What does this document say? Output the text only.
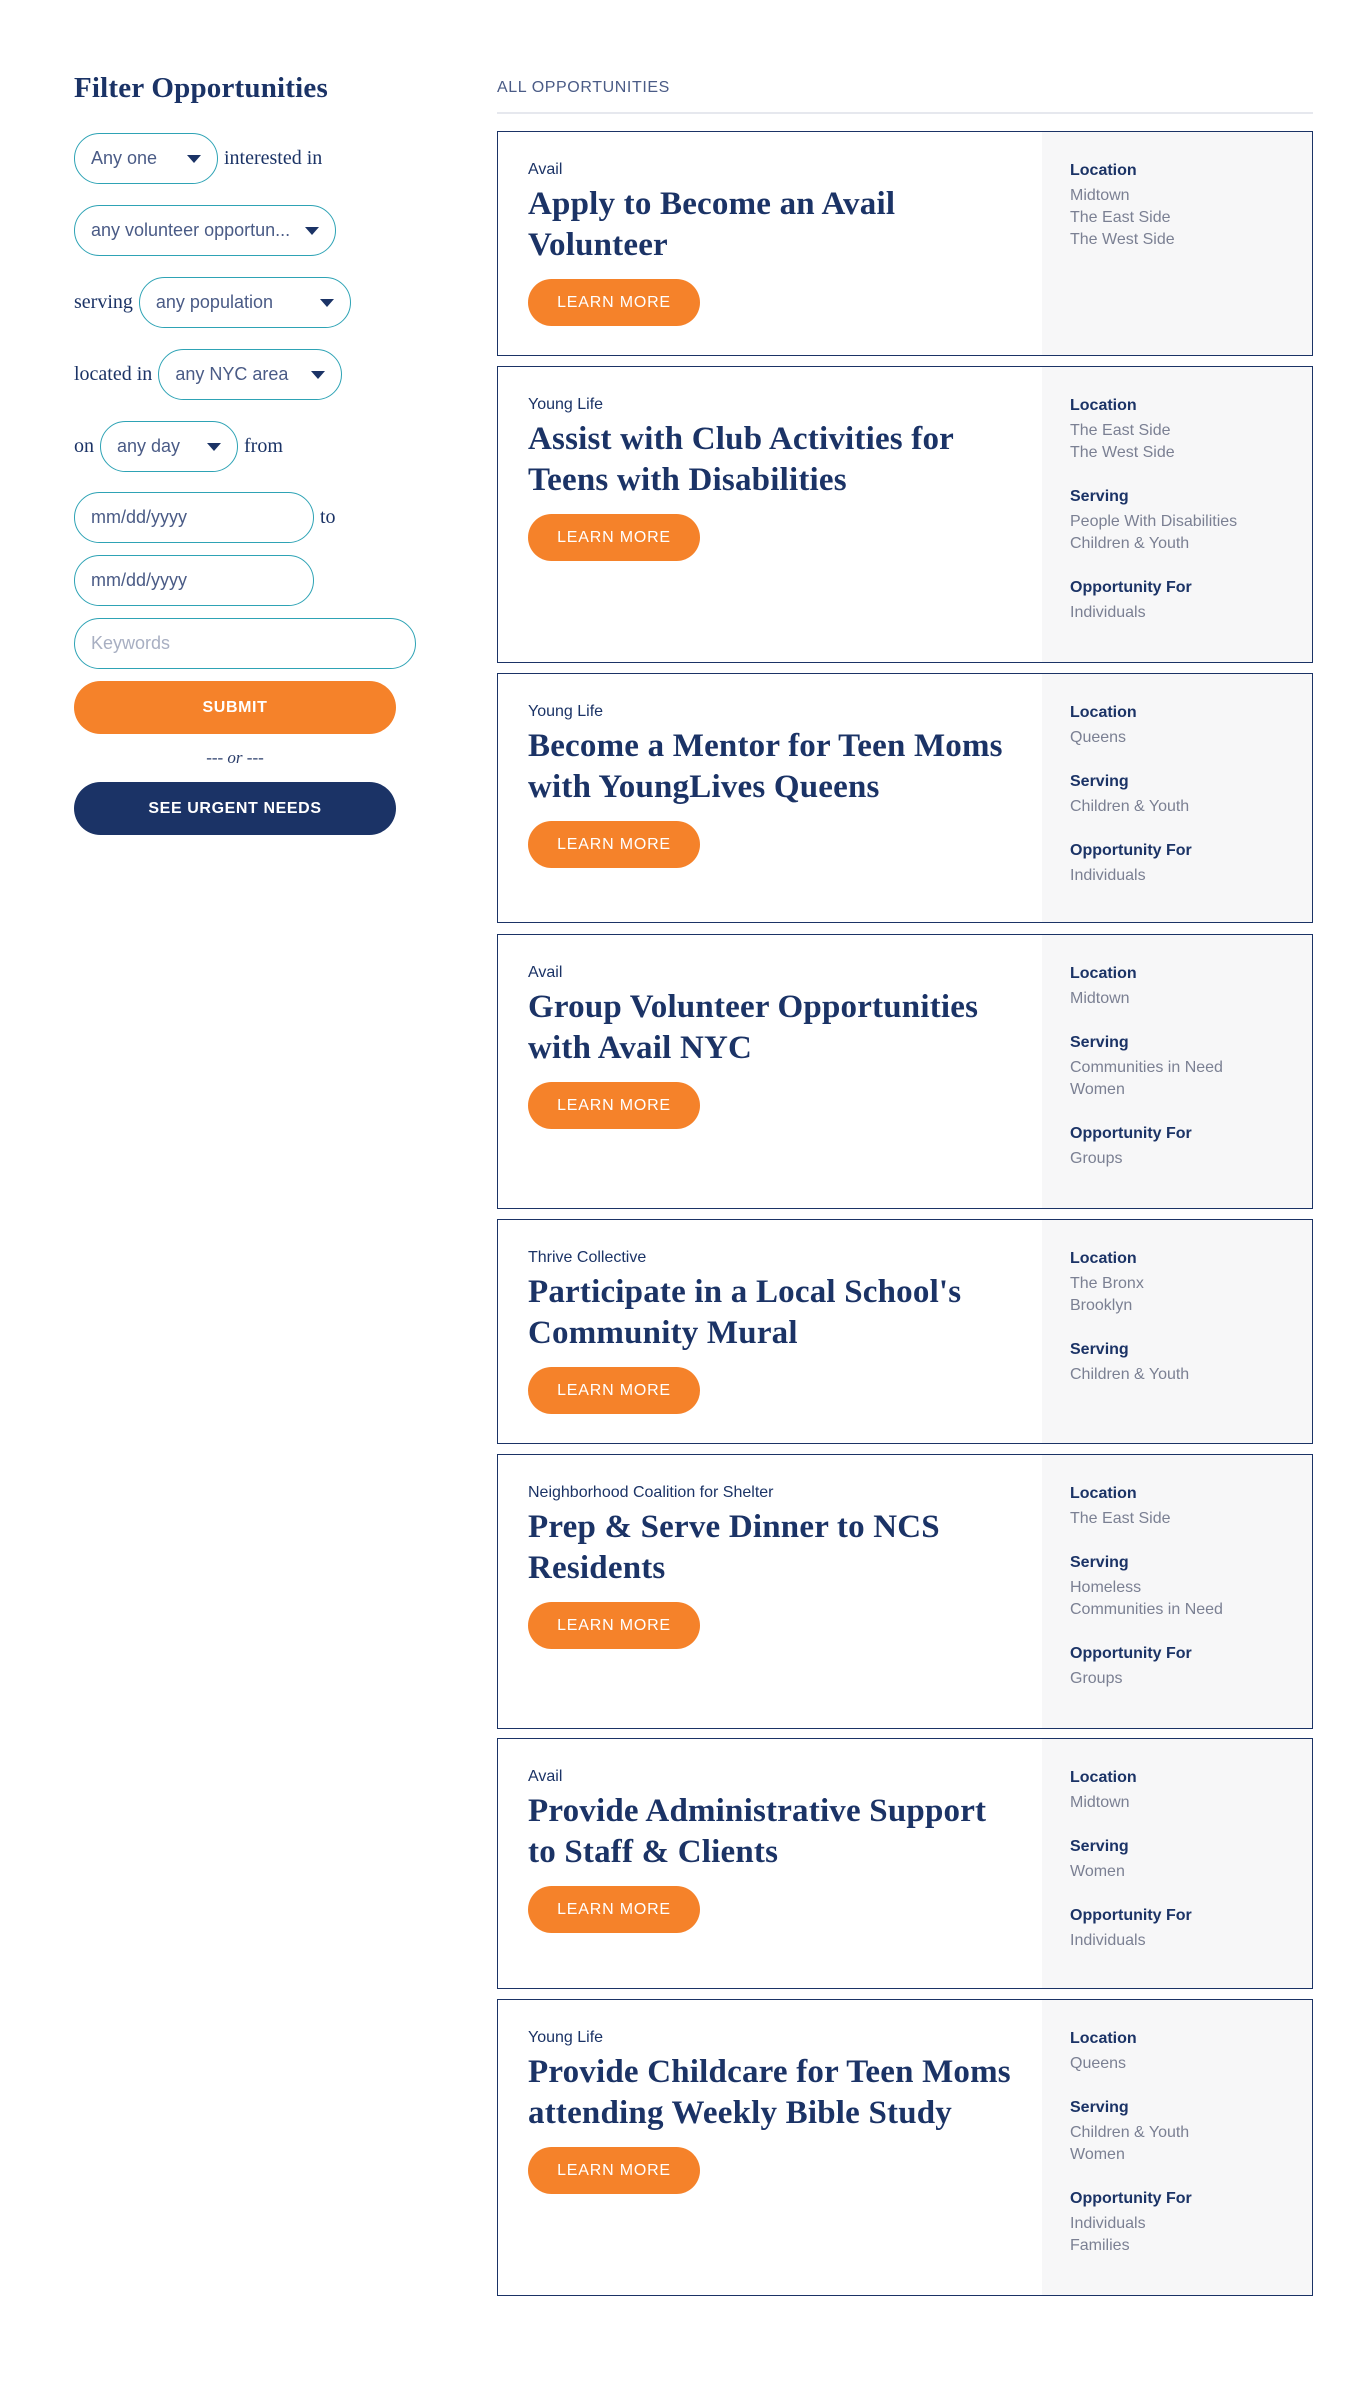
Filter Opportunities
Any one	interested in
any volunteer opportun...
serving any population
located in any NYC area
on any day	from
mm/dd/yyyy	to
mm/dd/yyyy
Keywords
SUBMIT
--- or ---
SEE URGENT NEEDS
ALL OPPORTUNITIES
Avail
Apply to Become an Avail Volunteer
LEARN MORE
Location
Midtown
The East Side
The West Side
Young Life
Assist with Club Activities for Teens with Disabilities
LEARN MORE
Location
The East Side
The West Side
Serving
People With Disabilities
Children & Youth
Opportunity For
Individuals
Young Life
Become a Mentor for Teen Moms with YoungLives Queens
LEARN MORE
Location
Queens
Serving
Children & Youth
Opportunity For
Individuals
Avail
Group Volunteer Opportunities with Avail NYC
LEARN MORE
Location
Midtown
Serving
Communities in Need
Women
Opportunity For
Groups
Thrive Collective
Participate in a Local School's Community Mural
LEARN MORE
Location
The Bronx
Brooklyn
Serving
Children & Youth
Neighborhood Coalition for Shelter
Prep & Serve Dinner to NCS Residents
LEARN MORE
Location
The East Side
Serving
Homeless
Communities in Need
Opportunity For
Groups
Avail
Provide Administrative Support to Staff & Clients
LEARN MORE
Location
Midtown
Serving
Women
Opportunity For
Individuals
Young Life
Provide Childcare for Teen Moms attending Weekly Bible Study
LEARN MORE
Location
Queens
Serving
Children & Youth
Women
Opportunity For
Individuals
Families
